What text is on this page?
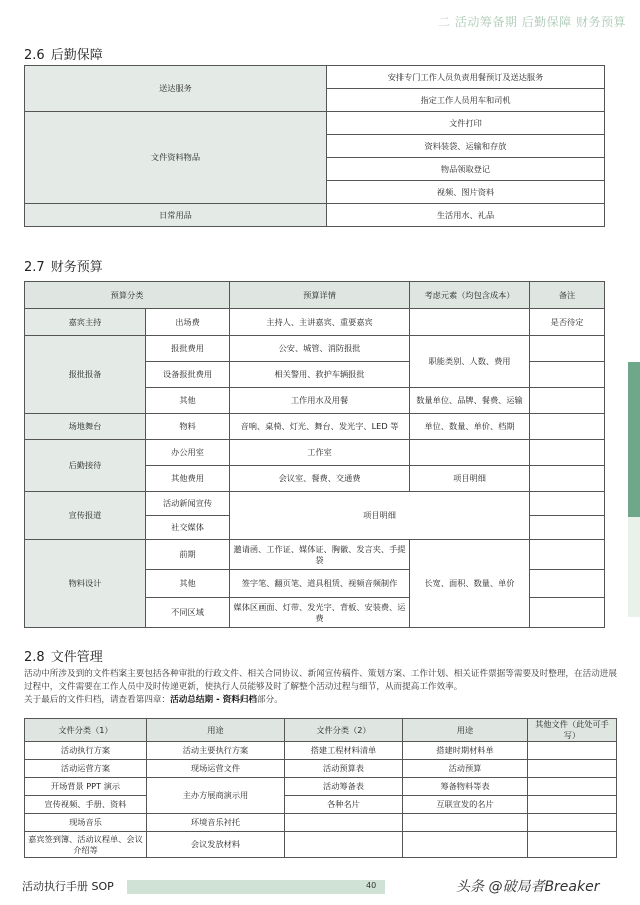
二 活动筹备期 后勤保障 财务预算
2.6 后勤保障
送达服务	安排专门工作人员负责用餐预订及送达服务
	指定工作人员用车和司机
文件资料物品	文件打印
	资料装袋、运输和存放
	物品领取登记
	视频、图片资料
日常用品	生活用水、礼品
2.7 财务预算
预算分类		预算详情	考虑元素（均包含成本）	备注
嘉宾主持	出场费	主持人、主讲嘉宾、重要嘉宾		是否待定
报批报备	报批费用	公安、城管、消防报批	职能类别、人数、费用	
	设备报批费用	相关警用、救护车辆报批		
	其他	工作用水及用餐	数量单位、品牌、餐费、运输	
场地舞台	物料	音响、桌椅、灯光、舞台、发光字、LED 等	单位、数量、单价、档期	
后勤接待	办公用室	工作室		
	其他费用	会议室、餐费、交通费	项目明细	
宣传报道	活动新闻宣传	项目明细		
	社交媒体			
物料设计	前期	邀请函、工作证、媒体证、胸徽、发言夹、手提袋	长宽、面积、数量、单价	
	其他	签字笔、翻页笔、道具租赁、视频音频制作		
	不同区域	媒体区画面、灯带、发光字、背板、安装费、运费		
2.8 文件管理
活动中所涉及到的文件档案主要包括各种审批的行政文件、相关合同协议、新闻宣传稿件、策划方案、工作计划、相关证件票据等需要及时整理，在活动进展过程中，文件需要在工作人员中及时传递更新，使执行人员能够及时了解整个活动过程与细节，从而提高工作效率。
关于最后的文件归档，请查看第四章：活动总结期 - 资料归档部分。
文件分类（1）	用途	文件分类（2）	用途	其他文件（此处可手写）
活动执行方案	活动主要执行方案	搭建工程材料清单	搭建时期材料单	
活动运营方案	现场运营文件	活动预算表	活动预算	
开场背景 PPT 演示	主办方展商演示用	活动筹备表	筹备物料等表	
宣传视频、手册、资料		各种名片	互联宣发的名片	
现场音乐	环境音乐衬托			
嘉宾签到簿、活动议程单、会议介绍等	会议发放材料			
活动执行手册 SOP	40	头条 @破局者Breaker
